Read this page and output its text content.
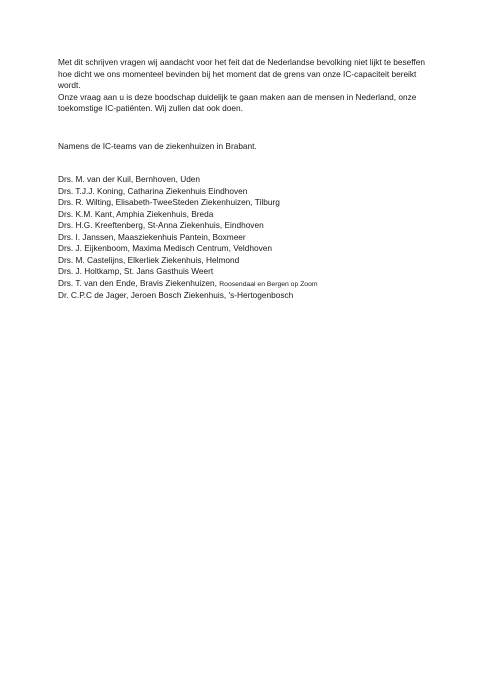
Met dit schrijven vragen wij aandacht voor het feit dat de Nederlandse bevolking niet lijkt te beseffen hoe dicht we ons momenteel bevinden bij het moment dat de grens van onze IC-capaciteit bereikt wordt.

Onze vraag aan u is deze boodschap duidelijk te gaan maken aan de mensen in Nederland, onze toekomstige IC-patiënten. Wij zullen dat ook doen.

Namens de IC-teams van de ziekenhuizen in Brabant.
Drs. M. van der Kuil, Bernhoven, Uden
Drs. T.J.J. Koning, Catharina Ziekenhuis Eindhoven
Drs. R. Wilting, Elisabeth-TweeSteden Ziekenhuizen, Tilburg
Drs. K.M. Kant, Amphia Ziekenhuis, Breda
Drs. H.G. Kreeftenberg, St-Anna Ziekenhuis, Eindhoven
Drs. I. Janssen, Maasziekenhuis Pantein, Boxmeer
Drs. J. Eijkenboom, Maxima Medisch Centrum, Veldhoven
Drs. M. Castelijns, Elkerliek Ziekenhuis, Helmond
Drs. J. Holtkamp, St. Jans Gasthuis Weert
Drs. T. van den Ende, Bravis Ziekenhuizen, Roosendaal en Bergen op Zoom
Dr. C.P.C de Jager, Jeroen Bosch Ziekenhuis, 's-Hertogenbosch
